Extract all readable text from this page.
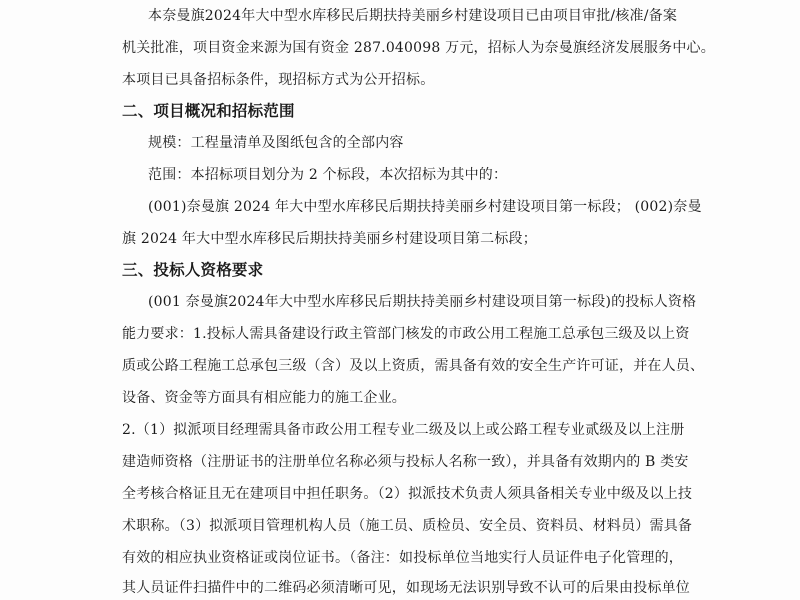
本奈曼旗2024年大中型水库移民后期扶持美丽乡村建设项目已由项目审批/核准/备案
机关批准，项目资金来源为国有资金 287.040098 万元，招标人为奈曼旗经济发展服务中心。
本项目已具备招标条件，现招标方式为公开招标。
二、项目概况和招标范围
规模：工程量清单及图纸包含的全部内容
范围：本招标项目划分为 2 个标段，本次招标为其中的：
(001)奈曼旗 2024 年大中型水库移民后期扶持美丽乡村建设项目第一标段； (002)奈曼
旗 2024 年大中型水库移民后期扶持美丽乡村建设项目第二标段；
三、投标人资格要求
(001 奈曼旗2024年大中型水库移民后期扶持美丽乡村建设项目第一标段)的投标人资格
能力要求：1.投标人需具备建设行政主管部门核发的市政公用工程施工总承包三级及以上资
质或公路工程施工总承包三级（含）及以上资质，需具备有效的安全生产许可证，并在人员、
设备、资金等方面具有相应能力的施工企业。
2.（1）拟派项目经理需具备市政公用工程专业二级及以上或公路工程专业贰级及以上注册
建造师资格（注册证书的注册单位名称必须与投标人名称一致），并具备有效期内的 B 类安
全考核合格证且无在建项目中担任职务。（2）拟派技术负责人须具备相关专业中级及以上技
术职称。（3）拟派项目管理机构人员（施工员、质检员、安全员、资料员、材料员）需具备
有效的相应执业资格证或岗位证书。（备注：如投标单位当地实行人员证件电子化管理的，
其人员证件扫描件中的二维码必须清晰可见，如现场无法识别导致不认可的后果由投标单位
